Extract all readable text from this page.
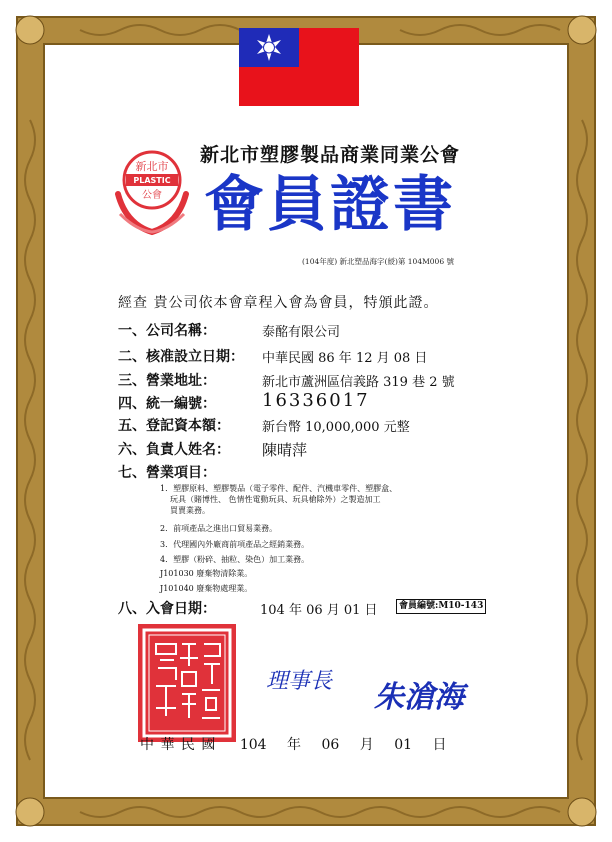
新北市
PLASTIC
公會
新北市塑膠製品商業同業公會
會員證書
(104年度) 新北塑品海字(綬)第 104M006 號
經查 貴公司依本會章程入會為會員，特頒此證。
一、公司名稱：	泰酩有限公司
二、核准設立日期： 中華民國 86 年 12 月 08 日
三、營業地址：	新北市蘆洲區信義路 319 巷 2 號
四、統一編號：	16336017
五、登記資本額： 新台幣 10,000,000 元整
六、負責人姓名： 陳晴萍
七、營業項目：
1．塑膠原料、塑膠製品（電子零件、配件、汽機車零件、塑膠盒、
玩具（賭博性、 色情性電動玩具、玩具槍除外）之製造加工
買賣業務。
2．前項產品之進出口貿易業務。
3．代理國內外廠商前項產品之經銷業務。
4．塑膠（粉碎、抽粒、染色）加工業務。
J101030 廢棄物清除業。
J101040 廢棄物處理業。
八、入會日期：	104 年 06 月 01 日	會員編號:M10-143
理事長 朱滄海
中 華 民 國 104 年 06 月 01 日
